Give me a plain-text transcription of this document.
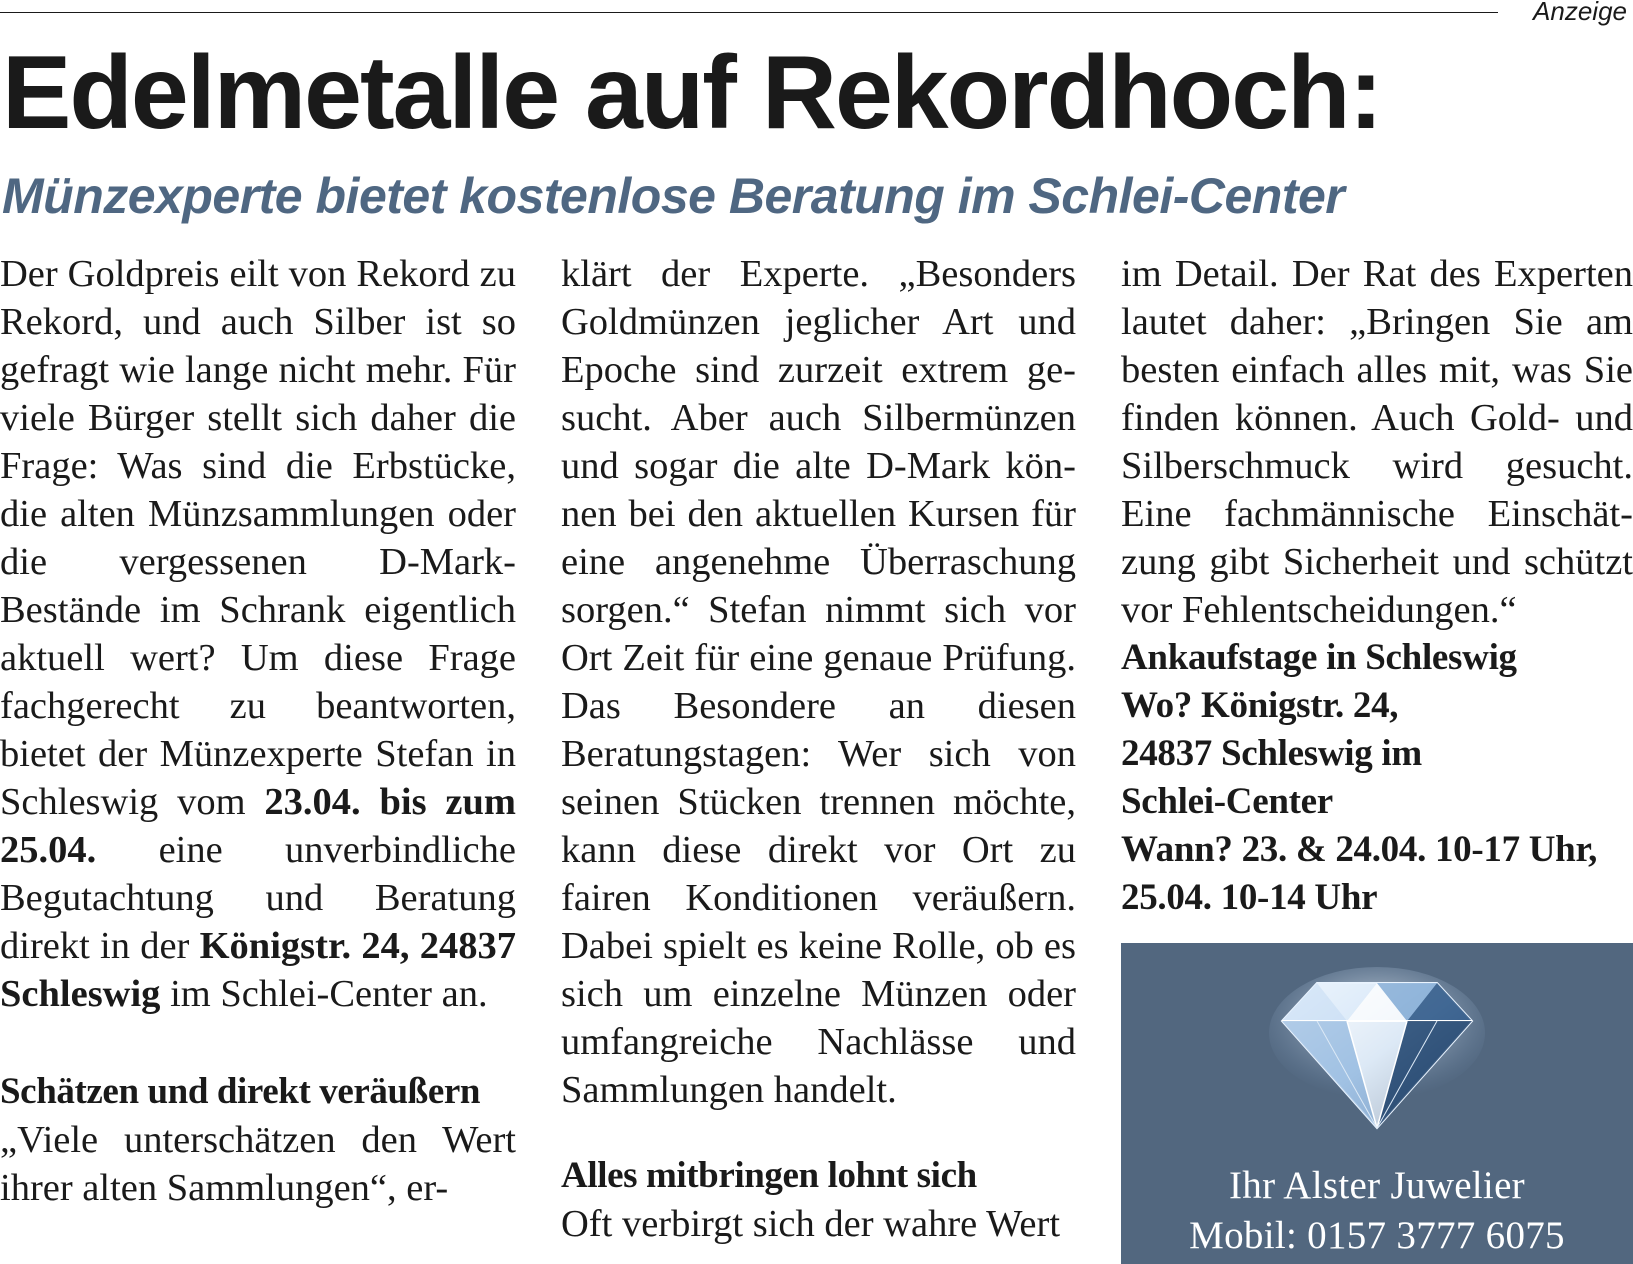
Anzeige
Edelmetalle auf Rekordhoch:
Münzexperte bietet kostenlose Beratung im Schlei-Center

Der Goldpreis eilt von Rekord zu Rekord, und auch Silber ist so gefragt wie lange nicht mehr. Für viele Bürger stellt sich daher die Frage: Was sind die Erbstücke, die alten Münzsammlungen oder die vergessenen D-Mark-Bestände im Schrank eigentlich aktuell wert? Um diese Frage fachgerecht zu beantworten, bietet der Münzexperte Stefan in Schleswig vom 23.04. bis zum 25.04. eine unverbindliche Begutachtung und Beratung direkt in der Königstr. 24, 24837 Schleswig im Schlei-Center an.

Schätzen und direkt veräußern

„Viele unterschätzen den Wert ihrer alten Sammlungen“, er-

klärt der Experte. „Besonders Goldmünzen jeglicher Art und Epoche sind zurzeit extrem gesucht. Aber auch Silbermünzen und sogar die alte D-Mark können bei den aktuellen Kursen für eine angenehme Überraschung sorgen.“ Stefan nimmt sich vor Ort Zeit für eine genaue Prüfung. Das Besondere an diesen Beratungstagen: Wer sich von seinen Stücken trennen möchte, kann diese direkt vor Ort zu fairen Konditionen veräußern. Dabei spielt es keine Rolle, ob es sich um einzelne Münzen oder umfangreiche Nachlässe und Sammlungen handelt.

Alles mitbringen lohnt sich

Oft verbirgt sich der wahre Wert

im Detail. Der Rat des Experten lautet daher: „Bringen Sie am besten einfach alles mit, was Sie finden können. Auch Gold- und Silberschmuck wird gesucht. Eine fachmännische Einschätzung gibt Sicherheit und schützt vor Fehlentscheidungen.“

Ankaufstage in Schleswig

Wo? Königstr. 24,

24837 Schleswig im

Schlei-Center

Wann? 23. & 24.04. 10-17 Uhr,

25.04. 10-14 Uhr

Ihr Alster Juwelier
Mobil: 0157 3777 6075
